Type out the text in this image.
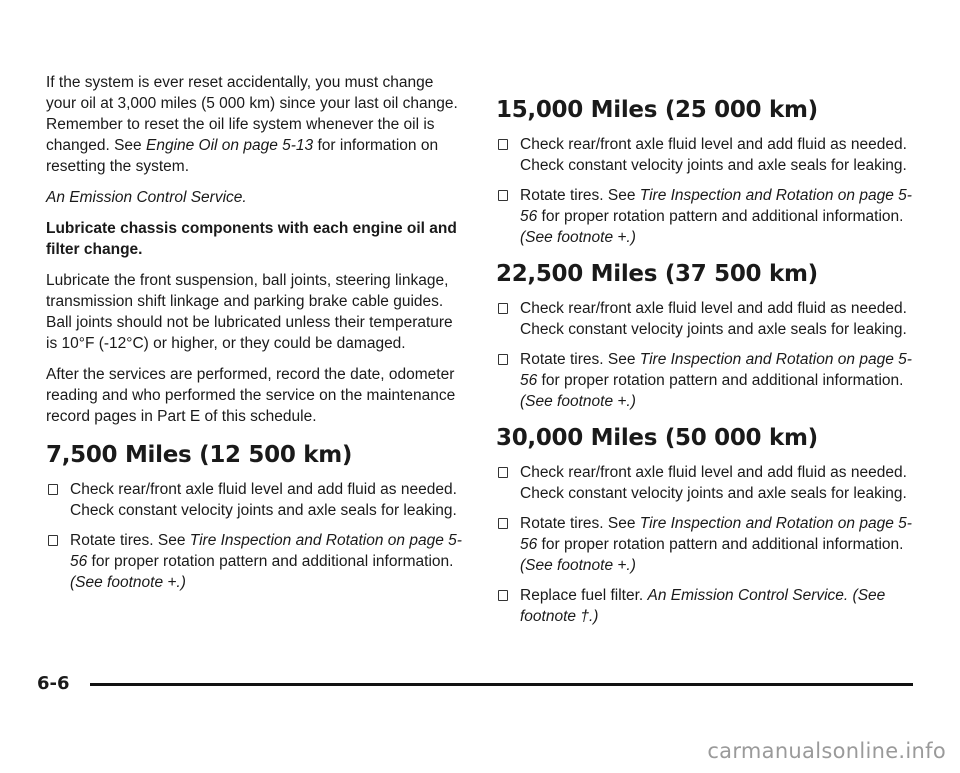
If the system is ever reset accidentally, you must change your oil at 3,000 miles (5 000 km) since your last oil change. Remember to reset the oil life system whenever the oil is changed. See Engine Oil on page 5-13 for information on resetting the system.

An Emission Control Service.

Lubricate chassis components with each engine oil and filter change.

Lubricate the front suspension, ball joints, steering linkage, transmission shift linkage and parking brake cable guides. Ball joints should not be lubricated unless their temperature is 10°F (-12°C) or higher, or they could be damaged.

After the services are performed, record the date, odometer reading and who performed the service on the maintenance record pages in Part E of this schedule.

7,500 Miles (12 500 km)
Check rear/front axle fluid level and add fluid as needed. Check constant velocity joints and axle seals for leaking.
Rotate tires. See Tire Inspection and Rotation on page 5-56 for proper rotation pattern and additional information. (See footnote +.)
15,000 Miles (25 000 km)
Check rear/front axle fluid level and add fluid as needed. Check constant velocity joints and axle seals for leaking.
Rotate tires. See Tire Inspection and Rotation on page 5-56 for proper rotation pattern and additional information. (See footnote +.)
22,500 Miles (37 500 km)
Check rear/front axle fluid level and add fluid as needed. Check constant velocity joints and axle seals for leaking.
Rotate tires. See Tire Inspection and Rotation on page 5-56 for proper rotation pattern and additional information. (See footnote +.)
30,000 Miles (50 000 km)
Check rear/front axle fluid level and add fluid as needed. Check constant velocity joints and axle seals for leaking.
Rotate tires. See Tire Inspection and Rotation on page 5-56 for proper rotation pattern and additional information. (See footnote +.)
Replace fuel filter. An Emission Control Service. (See footnote †.)
6-6
carmanualsonline.info
